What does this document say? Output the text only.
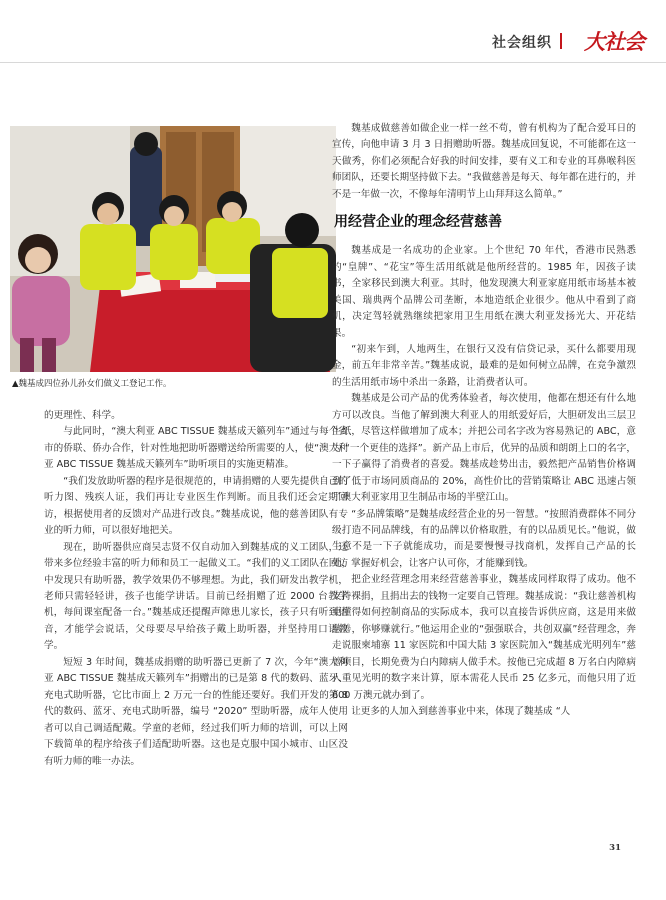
社会组织 大社会
▲魏基成四位孙儿孙女们做义工登记工作。

的更理性、科学。

与此同时，“澳大利亚 ABC TISSUE 魏基成天籁列车”通过与每个省市的侨联、侨办合作，针对性地把助听器赠送给所需要的人，使“澳大利亚 ABC TISSUE 魏基成天籁列车”助听项目的实施更精准。

“我们发放助听器的程序是很规范的，申请捐赠的人要先提供自己的听力图、残疾人证，我们再让专业医生作判断。而且我们还会定期回访，根据使用者的反馈对产品进行改良。”魏基成说，他的慈善团队有专业的听力师，可以很好地把关。

现在，助听器供应商吴志贤不仅自动加入到魏基成的义工团队，还带来多位经验丰富的听力师和员工一起做义工。“我们的义工团队在回访中发现只有助听器，教学效果仍不够理想。为此，我们研发出教学机，老师只需轻轻讲，孩子也能学讲话。目前已经捐赠了近 2000 台教学机，每间课室配备一台。”魏基成还提醒声障患儿家长，孩子只有听到语音，才能学会说话，父母要尽早给孩子戴上助听器，并坚持用口语教学。

短短 3 年时间，魏基成捐赠的助听器已更新了 7 次，今年“澳大利亚 ABC TISSUE 魏基成天籁列车”捐赠出的已是第 8 代的数码、蓝牙、充电式助听器，它比市面上 2 万元一台的性能还要好。我们开发的第 8 代的数码、蓝牙、充电式助听器，编号 “2020” 型助听器，成年人使用者可以自己调适配戴。学童的老师，经过我们听力师的培训，可以上网下载简单的程序给孩子们适配助听器。这也是克服中国小城市、山区没有听力师的唯一办法。

魏基成做慈善如做企业一样一丝不苟，曾有机构为了配合爱耳日的宣传，向他申请 3 月 3 日捐赠助听器。魏基成回复说，不可能都在这一天做秀，你们必须配合好我的时间安排，要有义工和专业的耳鼻喉科医师团队，还要长期坚持做下去。“我做慈善是每天、每年都在进行的，并不是一年做一次，不像每年清明节上山拜拜这么简单。”

用经营企业的理念经营慈善

魏基成是一名成功的企业家。上个世纪 70 年代，香港市民熟悉的“皇牌”、“花宝”等生活用纸就是他所经营的。1985 年，因孩子读书，全家移民到澳大利亚。其时，他发现澳大利亚家庭用纸市场基本被美国、瑞典两个品牌公司垄断，本地造纸企业很少。他从中看到了商机，决定驾轻就熟继续把家用卫生用纸在澳大利亚发扬光大、开花结果。

“初来乍到，人地两生，在银行又没有信贷记录，买什么都要用现金，前五年非常辛苦。”魏基成说，最难的是如何树立品牌，在竞争激烈的生活用纸市场中杀出一条路，让消费者认可。

魏基成是公司产品的优秀体验者，每次使用，他都在想还有什么地方可以改良。当他了解到澳大利亚人的用纸爱好后，大胆研发出三层卫生纸，尽管这样做增加了成本；并把公司名字改为容易熟记的 ABC，意为 “一个更佳的选择”。新产品上市后，优异的品质和朗朗上口的名字，一下子赢得了消费者的喜爱。魏基成趁势出击，毅然把产品销售价格调到了低于市场同质商品的 20%，高性价比的营销策略让 ABC 迅速占领了澳大利亚家用卫生制品市场的半壁江山。

“多品牌策略”是魏基成经营企业的另一智慧。“按照消费群体不同分级打造不同品牌线，有的品牌以价格取胜，有的以品质见长。”他说，做生意不是一下子就能成功，而是要慢慢寻找商机，发挥自己产品的长处，掌握好机会，让客户认可你，才能赚到钱。

把企业经营理念用来经营慈善事业，魏基成同样取得了成功。他不支持裸捐，且捐出去的钱物一定要自己管理。魏基成说：“我让慈善机构更懂得如何控制商品的实际成本，我可以直接告诉供应商，这是用来做慈善，你够赚就行。”他运用企业的“强强联合，共创双赢”经营理念，奔走说服柬埔寨 11 家医院和中国大陆 3 家医院加入“魏基成光明列车”慈善项目，长期免费为白内障病人做手术。按他已完成超 8 万名白内障病人重见光明的数字来计算，原本需花人民币 25 亿多元，而他只用了近 600 万澳元就办到了。

让更多的人加入到慈善事业中来，体现了魏基成 “人

31
